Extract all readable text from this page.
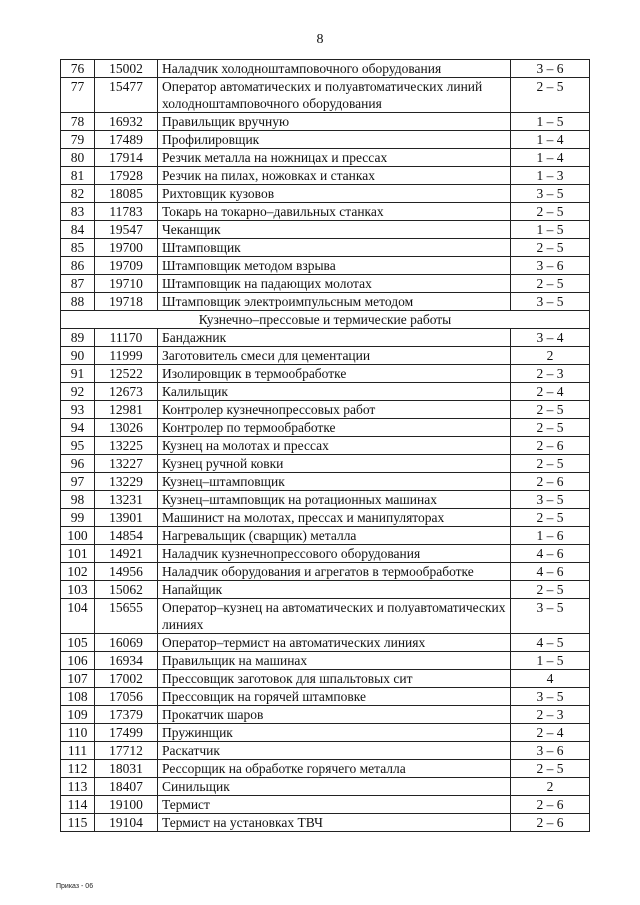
8
76	15002	Наладчик холодноштамповочного оборудования	3 – 6
77	15477	Оператор автоматических и полуавтоматических линий холодноштамповочного оборудования	2 – 5
78	16932	Правильщик вручную	1 – 5
79	17489	Профилировщик	1 – 4
80	17914	Резчик металла на ножницах и прессах	1 – 4
81	17928	Резчик на пилах, ножовках и станках	1 – 3
82	18085	Рихтовщик кузовов	3 – 5
83	11783	Токарь на токарно–давильных станках	2 – 5
84	19547	Чеканщик	1 – 5
85	19700	Штамповщик	2 – 5
86	19709	Штамповщик методом взрыва	3 – 6
87	19710	Штамповщик на падающих молотах	2 – 5
88	19718	Штамповщик электроимпульсным методом	3 – 5
Кузнечно–прессовые и термические работы			
89	11170	Бандажник	3 – 4
90	11999	Заготовитель смеси для цементации	2
91	12522	Изолировщик в термообработке	2 – 3
92	12673	Калильщик	2 – 4
93	12981	Контролер кузнечнопрессовых работ	2 – 5
94	13026	Контролер по термообработке	2 – 5
95	13225	Кузнец на молотах и прессах	2 – 6
96	13227	Кузнец ручной ковки	2 – 5
97	13229	Кузнец–штамповщик	2 – 6
98	13231	Кузнец–штамповщик на ротационных машинах	3 – 5
99	13901	Машинист на молотах, прессах и манипуляторах	2 – 5
100	14854	Нагревальщик (сварщик) металла	1 – 6
101	14921	Наладчик кузнечнопрессового оборудования	4 – 6
102	14956	Наладчик оборудования и агрегатов в термообработке	4 – 6
103	15062	Напайщик	2 – 5
104	15655	Оператор–кузнец на автоматических и полуавтоматических линиях	3 – 5
105	16069	Оператор–термист на автоматических линиях	4 – 5
106	16934	Правильщик на машинах	1 – 5
107	17002	Прессовщик заготовок для шпальтовых сит	4
108	17056	Прессовщик на горячей штамповке	3 – 5
109	17379	Прокатчик шаров	2 – 3
110	17499	Пружинщик	2 – 4
111	17712	Раскатчик	3 – 6
112	18031	Рессорщик на обработке горячего металла	2 – 5
113	18407	Синильщик	2
114	19100	Термист	2 – 6
115	19104	Термист на установках ТВЧ	2 – 6
Приказ - 06
